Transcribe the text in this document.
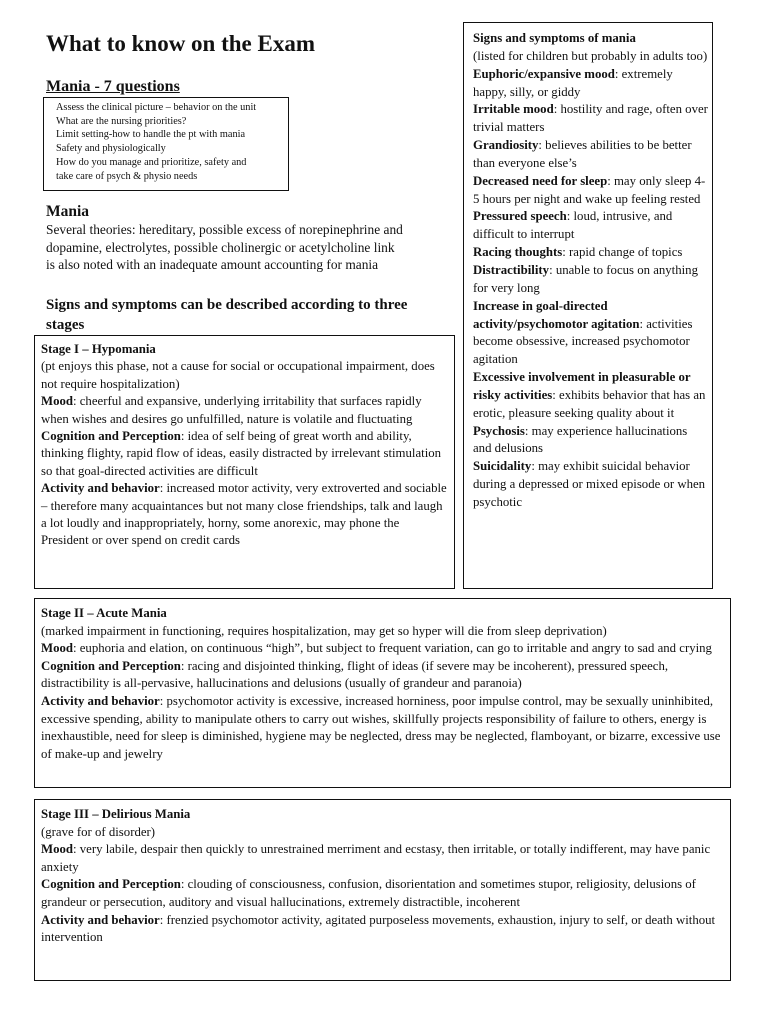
What to know on the Exam
Mania - 7 questions
Assess the clinical picture – behavior on the unit
What are the nursing priorities?
Limit setting-how to handle the pt with mania
Safety and physiologically
How do you manage and prioritize, safety and
take care of psych & physio needs
Mania

Several theories: hereditary, possible excess of norepinephrine and dopamine, electrolytes, possible cholinergic or acetylcholine link is also noted with an inadequate amount accounting for mania

Signs and symptoms can be described according to three stages

Stage I – Hypomania

(pt enjoys this phase, not a cause for social or occupational impairment, does not require hospitalization)

Mood: cheerful and expansive, underlying irritability that surfaces rapidly when wishes and desires go unfulfilled, nature is volatile and fluctuating

Cognition and Perception: idea of self being of great worth and ability, thinking flighty, rapid flow of ideas, easily distracted by irrelevant stimulation so that goal-directed activities are difficult

Activity and behavior: increased motor activity, very extroverted and sociable – therefore many acquaintances but not many close friendships, talk and laugh a lot loudly and inappropriately, horny, some anorexic, may phone the President or over spend on credit cards

Signs and symptoms of mania

(listed for children but probably in adults too)

Euphoric/expansive mood: extremely happy, silly, or giddy

Irritable mood: hostility and rage, often over trivial matters

Grandiosity: believes abilities to be better than everyone else’s

Decreased need for sleep: may only sleep 4-5 hours per night and wake up feeling rested

Pressured speech: loud, intrusive, and difficult to interrupt

Racing thoughts: rapid change of topics

Distractibility: unable to focus on anything for very long

Increase in goal-directed activity/psychomotor agitation: activities become obsessive, increased psychomotor agitation

Excessive involvement in pleasurable or risky activities: exhibits behavior that has an erotic, pleasure seeking quality about it

Psychosis: may experience hallucinations and delusions

Suicidality: may exhibit suicidal behavior during a depressed or mixed episode or when psychotic

Stage II – Acute Mania

(marked impairment in functioning, requires hospitalization, may get so hyper will die from sleep deprivation)

Mood: euphoria and elation, on continuous “high”, but subject to frequent variation, can go to irritable and angry to sad and crying

Cognition and Perception: racing and disjointed thinking, flight of ideas (if severe may be incoherent), pressured speech, distractibility is all-pervasive, hallucinations and delusions (usually of grandeur and paranoia)

Activity and behavior: psychomotor activity is excessive, increased horniness, poor impulse control, may be sexually uninhibited, excessive spending, ability to manipulate others to carry out wishes, skillfully projects responsibility of failure to others, energy is inexhaustible, need for sleep is diminished, hygiene may be neglected, dress may be neglected, flamboyant, or bizarre, excessive use of make-up and jewelry

Stage III – Delirious Mania

(grave for of disorder)

Mood: very labile, despair then quickly to unrestrained merriment and ecstasy, then irritable, or totally indifferent, may have panic anxiety

Cognition and Perception: clouding of consciousness, confusion, disorientation and sometimes stupor, religiosity, delusions of grandeur or persecution, auditory and visual hallucinations, extremely distractible, incoherent

Activity and behavior: frenzied psychomotor activity, agitated purposeless movements, exhaustion, injury to self, or death without intervention
